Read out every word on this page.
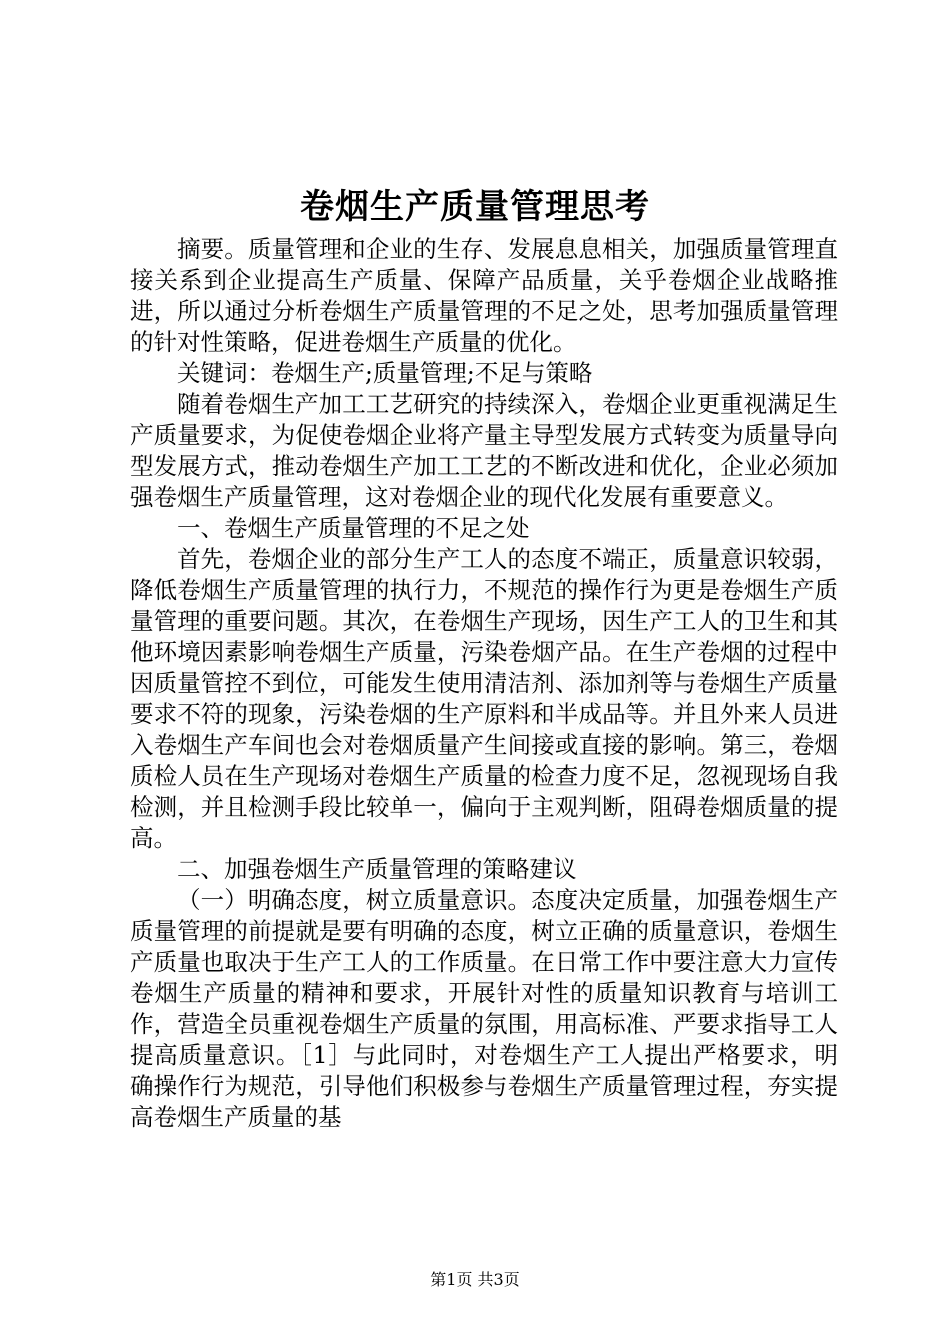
卷烟生产质量管理思考

摘要。质量管理和企业的生存、发展息息相关，加强质量管理直接关系到企业提高生产质量、保障产品质量，关乎卷烟企业战略推进，所以通过分析卷烟生产质量管理的不足之处，思考加强质量管理的针对性策略，促进卷烟生产质量的优化。

关键词：卷烟生产;质量管理;不足与策略

随着卷烟生产加工工艺研究的持续深入，卷烟企业更重视满足生产质量要求，为促使卷烟企业将产量主导型发展方式转变为质量导向型发展方式，推动卷烟生产加工工艺的不断改进和优化，企业必须加强卷烟生产质量管理，这对卷烟企业的现代化发展有重要意义。

一、卷烟生产质量管理的不足之处

首先，卷烟企业的部分生产工人的态度不端正，质量意识较弱，降低卷烟生产质量管理的执行力，不规范的操作行为更是卷烟生产质量管理的重要问题。其次，在卷烟生产现场，因生产工人的卫生和其他环境因素影响卷烟生产质量，污染卷烟产品。在生产卷烟的过程中因质量管控不到位，可能发生使用清洁剂、添加剂等与卷烟生产质量要求不符的现象，污染卷烟的生产原料和半成品等。并且外来人员进入卷烟生产车间也会对卷烟质量产生间接或直接的影响。第三，卷烟质检人员在生产现场对卷烟生产质量的检查力度不足，忽视现场自我检测，并且检测手段比较单一，偏向于主观判断，阻碍卷烟质量的提高。

二、加强卷烟生产质量管理的策略建议

（一）明确态度，树立质量意识。态度决定质量，加强卷烟生产质量管理的前提就是要有明确的态度，树立正确的质量意识，卷烟生产质量也取决于生产工人的工作质量。在日常工作中要注意大力宣传卷烟生产质量的精神和要求，开展针对性的质量知识教育与培训工作，营造全员重视卷烟生产质量的氛围，用高标准、严要求指导工人提高质量意识。［1］与此同时，对卷烟生产工人提出严格要求，明确操作行为规范，引导他们积极参与卷烟生产质量管理过程，夯实提高卷烟生产质量的基

第1页 共3页
